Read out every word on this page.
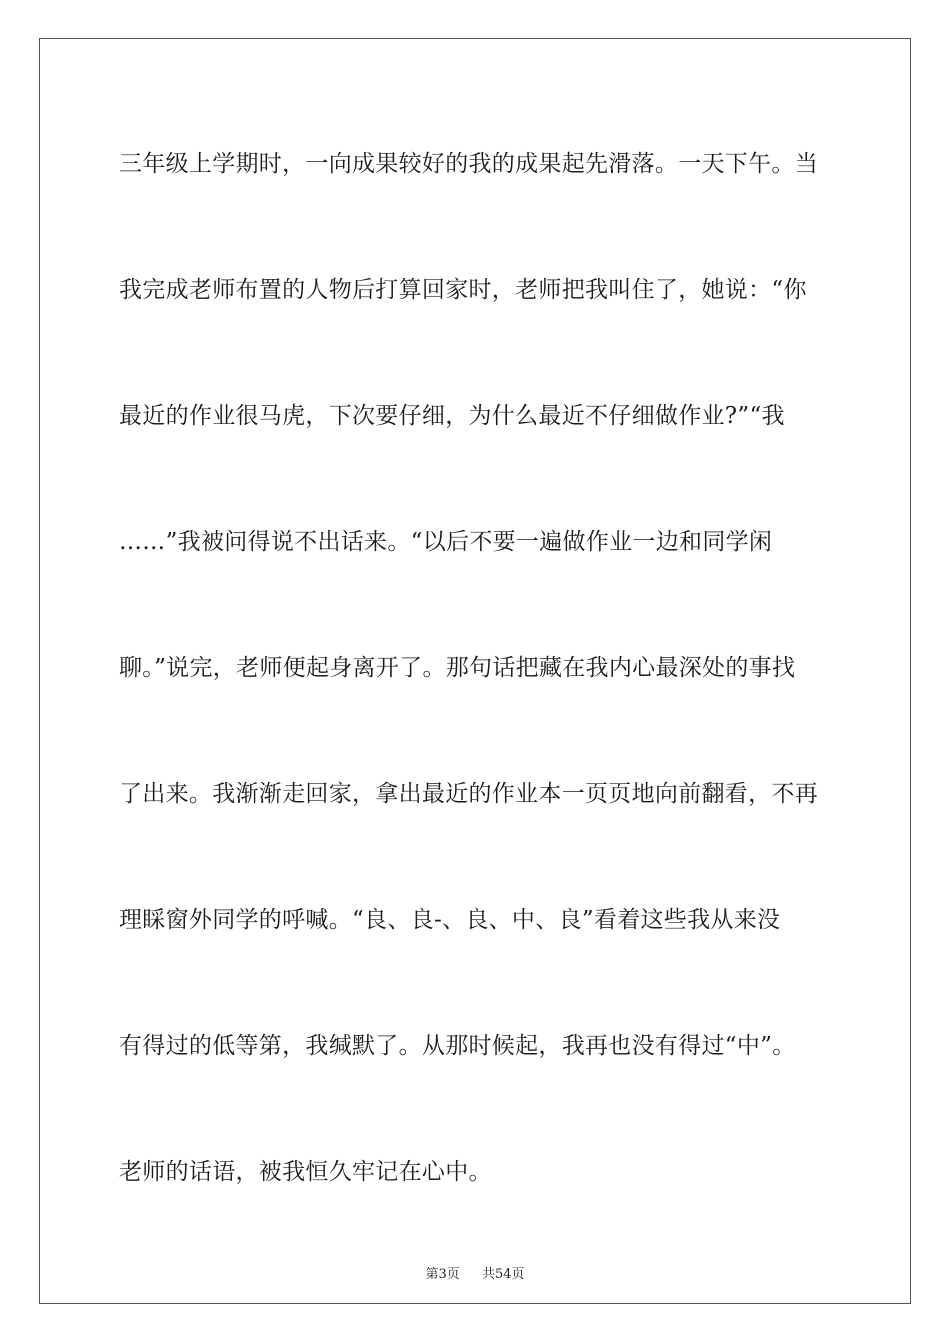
三年级上学期时，一向成果较好的我的成果起先滑落。一天下午。当
我完成老师布置的人物后打算回家时，老师把我叫住了，她说：“你
最近的作业很马虎，下次要仔细，为什么最近不仔细做作业?”“我
……”我被问得说不出话来。“以后不要一遍做作业一边和同学闲
聊。”说完，老师便起身离开了。那句话把藏在我内心最深处的事找
了出来。我渐渐走回家，拿出最近的作业本一页页地向前翻看，不再
理睬窗外同学的呼喊。“良、良-、良、中、良”看着这些我从来没
有得过的低等第，我缄默了。从那时候起，我再也没有得过“中”。
老师的话语，被我恒久牢记在心中。
第3页 共54页
